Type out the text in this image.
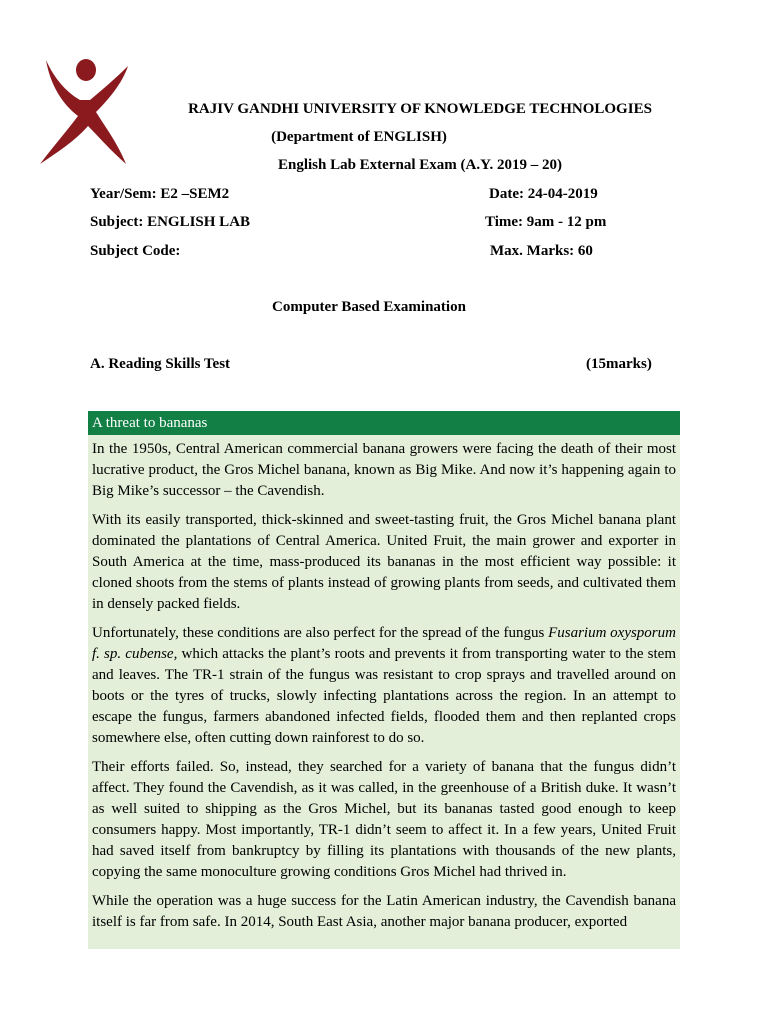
RAJIV GANDHI UNIVERSITY OF KNOWLEDGE TECHNOLOGIES
(Department of ENGLISH)
English Lab External Exam (A.Y. 2019 – 20)
Year/Sem: E2 –SEM2	Date: 24-04-2019
Subject: ENGLISH LAB	Time: 9am - 12 pm
Subject Code:	Max. Marks: 60
Computer Based Examination
A. Reading Skills Test	(15marks)
A threat to bananas

In the 1950s, Central American commercial banana growers were facing the death of their most lucrative product, the Gros Michel banana, known as Big Mike. And now it’s happening again to Big Mike’s successor – the Cavendish.

With its easily transported, thick-skinned and sweet-tasting fruit, the Gros Michel banana plant dominated the plantations of Central America. United Fruit, the main grower and exporter in South America at the time, mass-produced its bananas in the most efficient way possible: it cloned shoots from the stems of plants instead of growing plants from seeds, and cultivated them in densely packed fields.

Unfortunately, these conditions are also perfect for the spread of the fungus Fusarium oxysporum f. sp. cubense, which attacks the plant’s roots and prevents it from transporting water to the stem and leaves. The TR-1 strain of the fungus was resistant to crop sprays and travelled around on boots or the tyres of trucks, slowly infecting plantations across the region. In an attempt to escape the fungus, farmers abandoned infected fields, flooded them and then replanted crops somewhere else, often cutting down rainforest to do so.

Their efforts failed. So, instead, they searched for a variety of banana that the fungus didn’t affect. They found the Cavendish, as it was called, in the greenhouse of a British duke. It wasn’t as well suited to shipping as the Gros Michel, but its bananas tasted good enough to keep consumers happy. Most importantly, TR-1 didn’t seem to affect it. In a few years, United Fruit had saved itself from bankruptcy by filling its plantations with thousands of the new plants, copying the same monoculture growing conditions Gros Michel had thrived in.

While the operation was a huge success for the Latin American industry, the Cavendish banana itself is far from safe. In 2014, South East Asia, another major banana producer, exported
